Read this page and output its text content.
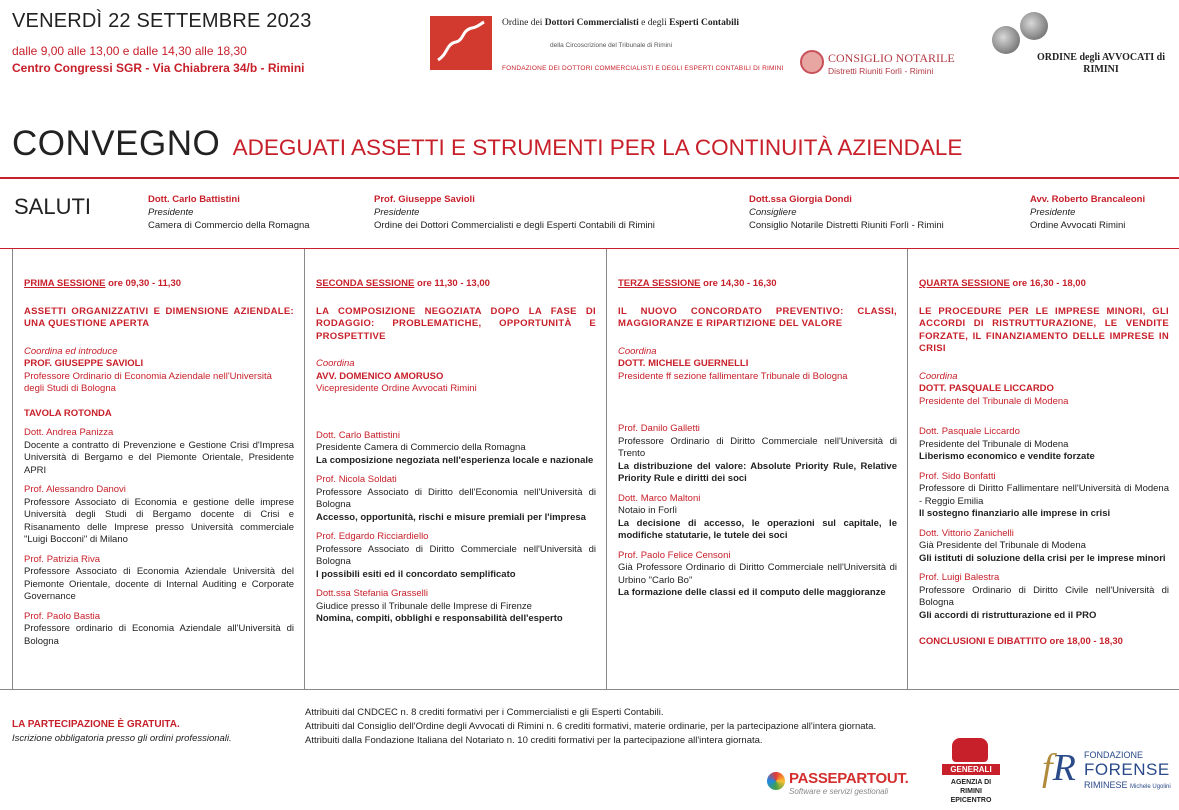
VENERDÌ 22 SETTEMBRE 2023
dalle 9,00 alle 13,00 e dalle 14,30 alle 18,30
Centro Congressi SGR - Via Chiabrera 34/b - Rimini
Ordine dei Dottori Commercialisti e degli Esperti Contabili
della Circoscrizione del Tribunale di Rimini
FONDAZIONE DEI DOTTORI COMMERCIALISTI E DEGLI ESPERTI CONTABILI DI RIMINI
CONSIGLIO NOTARILE
Distretti Riuniti Forlì - Rimini
ORDINE degli AVVOCATI di RIMINI
CONVEGNO ADEGUATI ASSETTI E STRUMENTI PER LA CONTINUITÀ AZIENDALE
SALUTI	Dott. Carlo Battistini
Presidente
Camera di Commercio della Romagna
Prof. Giuseppe Savioli
Presidente
Ordine dei Dottori Commercialisti e degli Esperti Contabili di Rimini
Dott.ssa Giorgia Dondi
Consigliere
Consiglio Notarile Distretti Riuniti Forlì - Rimini
Avv. Roberto Brancaleoni
Presidente
Ordine Avvocati Rimini
PRIMA SESSIONE ore 09,30 - 11,30
ASSETTI ORGANIZZATIVI E DIMENSIONE AZIENDALE: UNA QUESTIONE APERTA
Coordina ed introduce
PROF. GIUSEPPE SAVIOLI
Professore Ordinario di Economia Aziendale nell'Università degli Studi di Bologna
TAVOLA ROTONDA
Dott. Andrea Panizza
Docente a contratto di Prevenzione e Gestione Crisi d'Impresa Università di Bergamo e del Piemonte Orientale, Presidente APRI
Prof. Alessandro Danovi
Professore Associato di Economia e gestione delle imprese Università degli Studi di Bergamo docente di Crisi e Risanamento delle Imprese presso Università commerciale "Luigi Bocconi" di Milano
Prof. Patrizia Riva
Professore Associato di Economia Aziendale Università del Piemonte Orientale, docente di Internal Auditing e Corporate Governance
Prof. Paolo Bastia
Professore ordinario di Economia Aziendale all'Università di Bologna
SECONDA SESSIONE ore 11,30 - 13,00
LA COMPOSIZIONE NEGOZIATA DOPO LA FASE DI RODAGGIO: PROBLEMATICHE, OPPORTUNITÀ E PROSPETTIVE
Coordina
AVV. DOMENICO AMORUSO
Vicepresidente Ordine Avvocati Rimini
Dott. Carlo Battistini
Presidente Camera di Commercio della Romagna
La composizione negoziata nell'esperienza locale e nazionale
Prof. Nicola Soldati
Professore Associato di Diritto dell'Economia nell'Università di Bologna
Accesso, opportunità, rischi e misure premiali per l'impresa
Prof. Edgardo Ricciardiello
Professore Associato di Diritto Commerciale nell'Università di Bologna
I possibili esiti ed il concordato semplificato
Dott.ssa Stefania Grasselli
Giudice presso il Tribunale delle Imprese di Firenze
Nomina, compiti, obblighi e responsabilità dell'esperto
TERZA SESSIONE ore 14,30 - 16,30
IL NUOVO CONCORDATO PREVENTIVO: CLASSI, MAGGIORANZE E RIPARTIZIONE DEL VALORE
Coordina
DOTT. MICHELE GUERNELLI
Presidente ff sezione fallimentare Tribunale di Bologna
Prof. Danilo Galletti
Professore Ordinario di Diritto Commerciale nell'Università di Trento
La distribuzione del valore: Absolute Priority Rule, Relative Priority Rule e diritti dei soci
Dott. Marco Maltoni
Notaio in Forlì
La decisione di accesso, le operazioni sul capitale, le modifiche statutarie, le tutele dei soci
Prof. Paolo Felice Censoni
Già Professore Ordinario di Diritto Commerciale nell'Università di Urbino "Carlo Bo"
La formazione delle classi ed il computo delle maggioranze
QUARTA SESSIONE ore 16,30 - 18,00
LE PROCEDURE PER LE IMPRESE MINORI, GLI ACCORDI DI RISTRUTTURAZIONE, LE VENDITE FORZATE, IL FINANZIAMENTO DELLE IMPRESE IN CRISI
Coordina
DOTT. PASQUALE LICCARDO
Presidente del Tribunale di Modena
Dott. Pasquale Liccardo
Presidente del Tribunale di Modena
Liberismo economico e vendite forzate
Prof. Sido Bonfatti
Professore di Diritto Fallimentare nell'Università di Modena - Reggio Emilia
Il sostegno finanziario alle imprese in crisi
Dott. Vittorio Zanichelli
Già Presidente del Tribunale di Modena
Gli istituti di soluzione della crisi per le imprese minori
Prof. Luigi Balestra
Professore Ordinario di Diritto Civile nell'Università di Bologna
Gli accordi di ristrutturazione ed il PRO
CONCLUSIONI E DIBATTITO ore 18,00 - 18,30
LA PARTECIPAZIONE È GRATUITA.
Iscrizione obbligatoria presso gli ordini professionali.
Attribuiti dal CNDCEC n. 8 crediti formativi per i Commercialisti e gli Esperti Contabili.
Attribuiti dal Consiglio dell'Ordine degli Avvocati di Rimini n. 6 crediti formativi, materie ordinarie, per la partecipazione all'intera giornata.
Attribuiti dalla Fondazione Italiana del Notariato n. 10 crediti formativi per la partecipazione all'intera giornata.
PASSEPARTOUT.
Software e servizi gestionali
GENERALI
AGENZIA DI RIMINI EPICENTRO
fR FONDAZIONE
FORENSE
RIMINESE Michele Ugolini
